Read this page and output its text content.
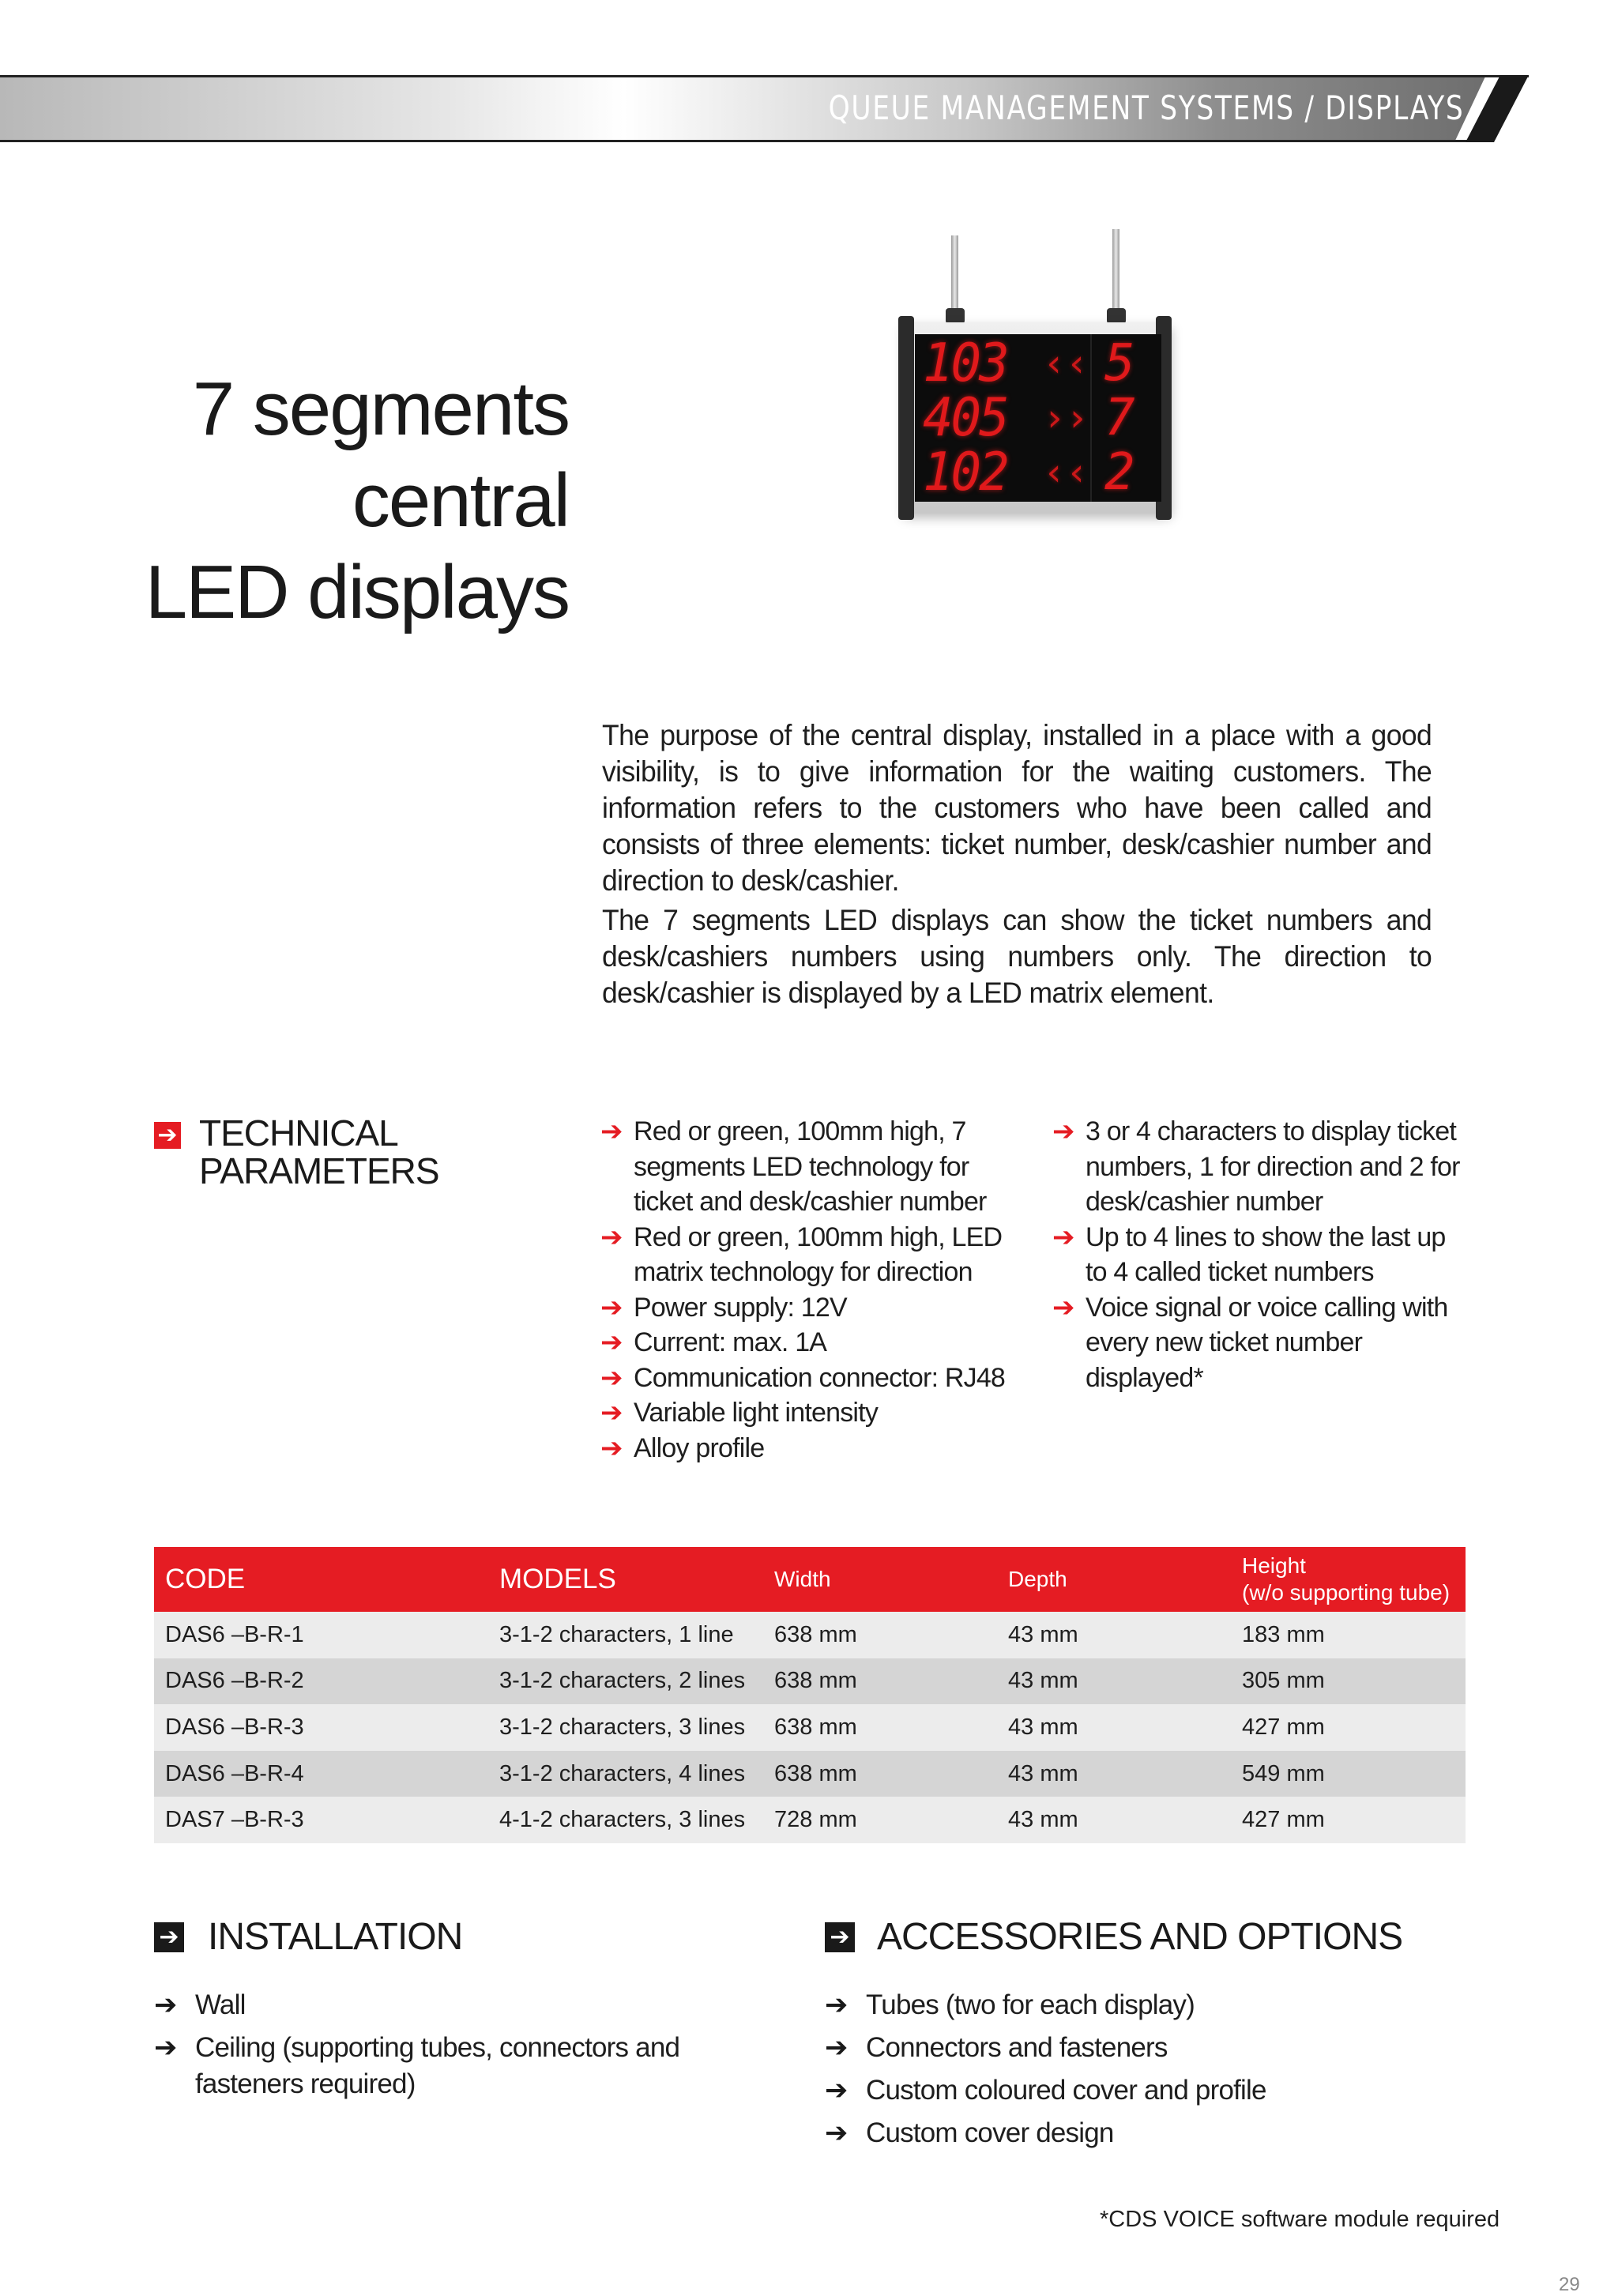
QUEUE MANAGEMENT SYSTEMS / DISPLAYS
7 segments
central
LED displays
103 ‹‹ 5
405 ›› 7
102 ‹‹ 2
The purpose of the central display, installed in a place with a good visibility, is to give information for the waiting customers. The information refers to the customers who have been called and consists of three elements: ticket number, desk/cashier number and direction to desk/cashier.
The 7 segments LED displays can show the ticket numbers and desk/cashiers numbers using numbers only. The direction to desk/cashier is displayed by a LED matrix element.
➔ TECHNICAL
PARAMETERS
➔ Red or green, 100mm high, 7 segments LED technology for ticket and desk/cashier number
➔ Red or green, 100mm high, LED matrix technology for direction
➔ Power supply: 12V
➔ Current: max. 1A
➔ Communication connector: RJ48
➔ Variable light intensity
➔ Alloy profile
➔ 3 or 4 characters to display ticket numbers, 1 for direction and 2 for desk/cashier number
➔ Up to 4 lines to show the last up to 4 called ticket numbers
➔ Voice signal or voice calling with every new ticket number displayed*
CODE	MODELS	Width	Depth	Height
(w/o supporting tube)

DAS6 –B-R-1	3-1-2 characters, 1 line	638 mm	43 mm	183 mm
DAS6 –B-R-2	3-1-2 characters, 2 lines	638 mm	43 mm	305 mm
DAS6 –B-R-3	3-1-2 characters, 3 lines	638 mm	43 mm	427 mm
DAS6 –B-R-4	3-1-2 characters, 4 lines	638 mm	43 mm	549 mm
DAS7 –B-R-3	4-1-2 characters, 3 lines	728 mm	43 mm	427 mm
➔ INSTALLATION
➔ Wall
➔ Ceiling (supporting tubes, connectors and fasteners required)
➔ ACCESSORIES AND OPTIONS
➔ Tubes (two for each display)
➔ Connectors and fasteners
➔ Custom coloured cover and profile
➔ Custom cover design
*CDS VOICE software module required
29
